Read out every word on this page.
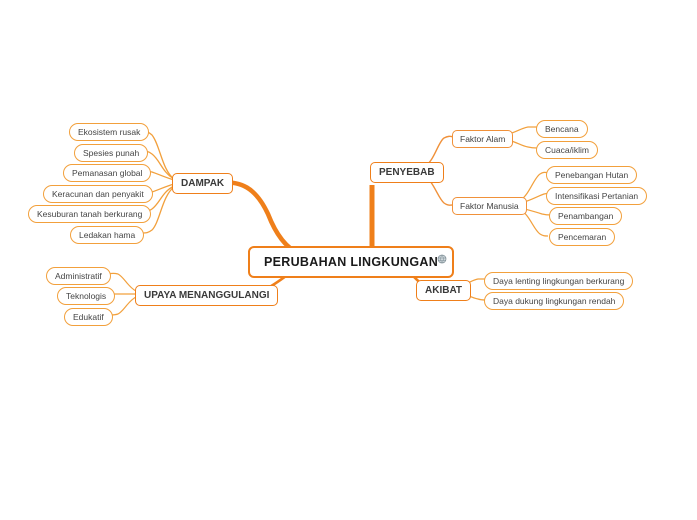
PERUBAHAN LINGKUNGAN
DAMPAK
Ekosistem rusak
Spesies punah
Pemanasan global
Keracunan dan penyakit
Kesuburan tanah berkurang
Ledakan hama
PENYEBAB
Faktor Alam
Faktor Manusia
Bencana
Cuaca/iklim
Penebangan Hutan
Intensifikasi Pertanian
Penambangan
Pencemaran
AKIBAT
Daya lenting lingkungan berkurang
Daya dukung lingkungan rendah
UPAYA MENANGGULANGI
Administratif
Teknologis
Edukatif
